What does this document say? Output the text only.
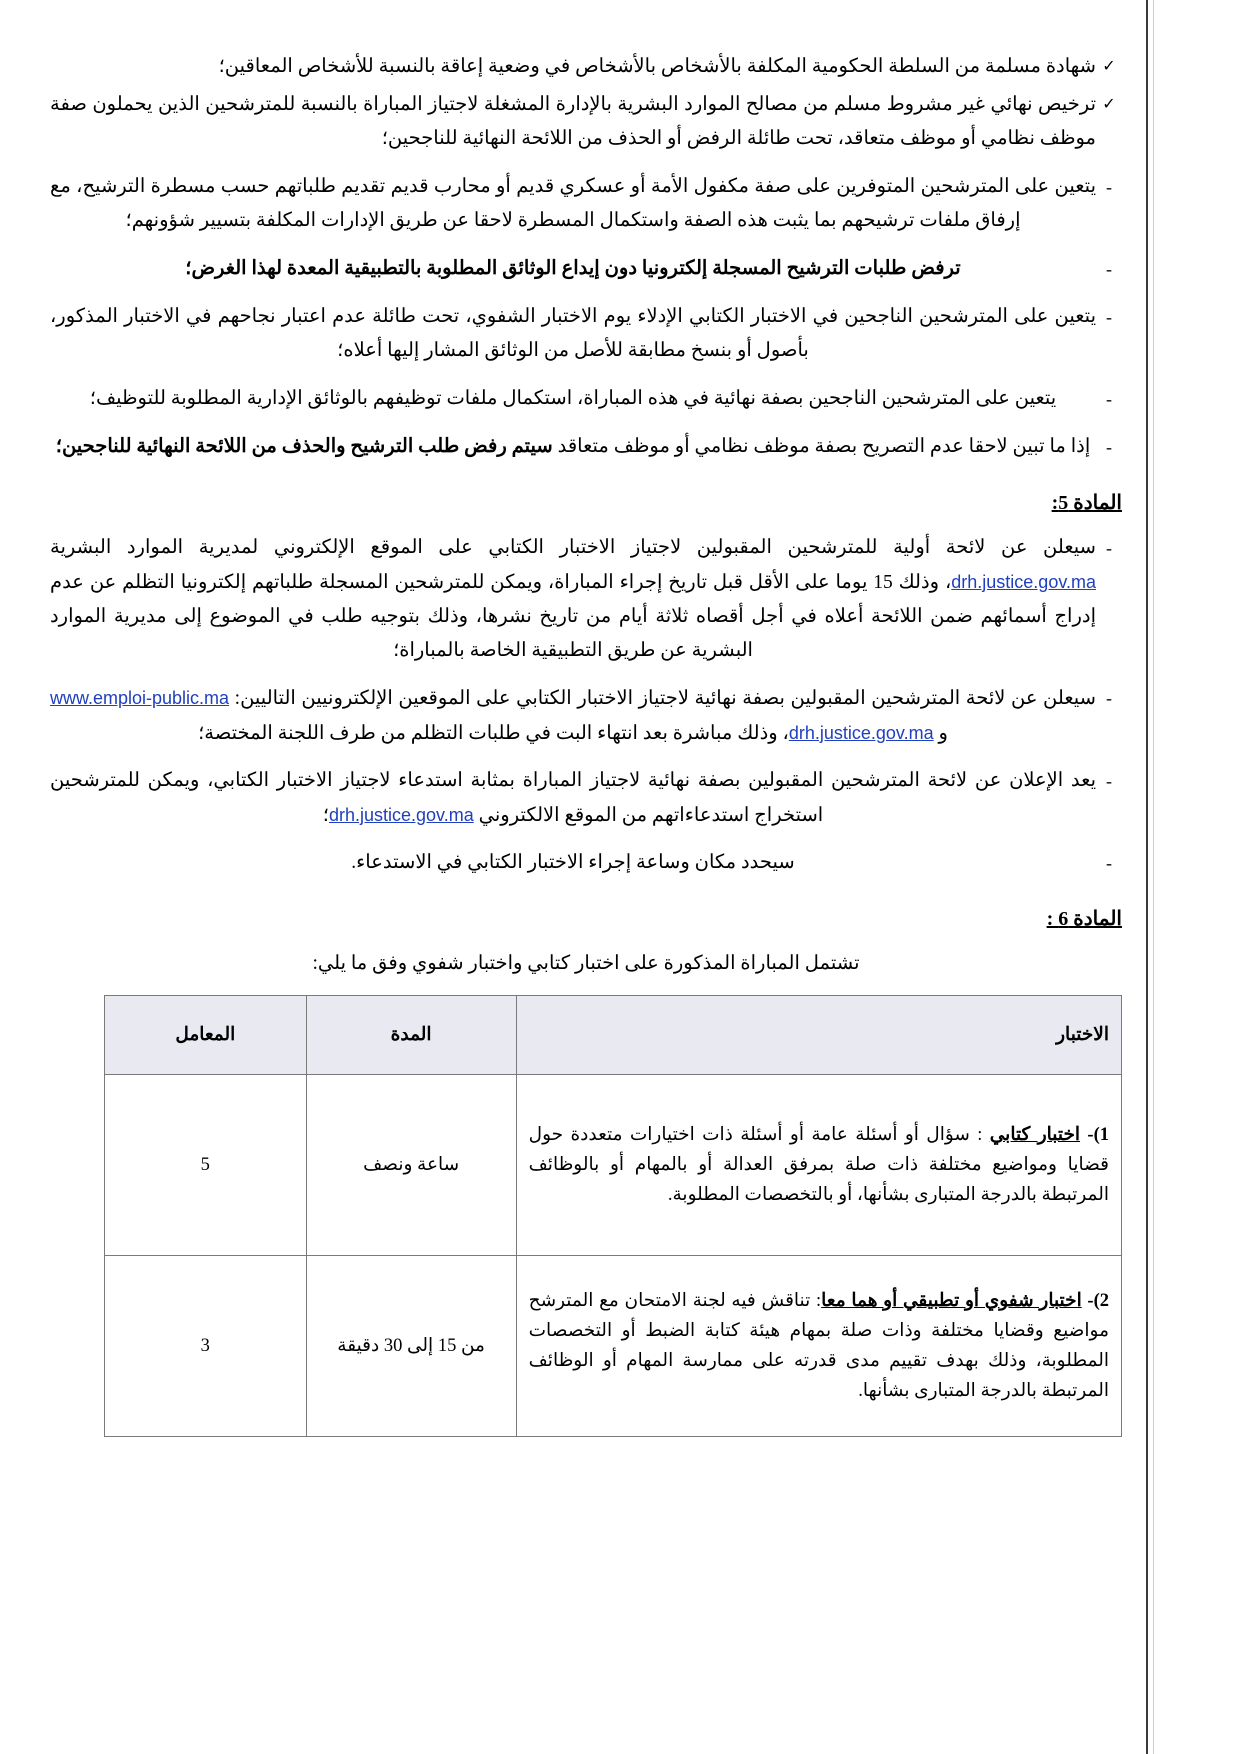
✓
شهادة مسلمة من السلطة الحكومية المكلفة بالأشخاص بالأشخاص في وضعية إعاقة بالنسبة للأشخاص المعاقين؛
✓
ترخيص نهائي غير مشروط مسلم من مصالح الموارد البشرية بالإدارة المشغلة لاجتياز المباراة بالنسبة للمترشحين الذين يحملون صفة موظف نظامي أو موظف متعاقد، تحت طائلة الرفض أو الحذف من اللائحة النهائية للناجحين؛
-
يتعين على المترشحين المتوفرين على صفة مكفول الأمة أو عسكري قديم أو محارب قديم تقديم طلباتهم حسب مسطرة الترشيح، مع إرفاق ملفات ترشيحهم بما يثبت هذه الصفة واستكمال المسطرة لاحقا عن طريق الإدارات المكلفة بتسيير شؤونهم؛
-
ترفض طلبات الترشيح المسجلة إلكترونيا دون إيداع الوثائق المطلوبة بالتطبيقية المعدة لهذا الغرض؛
-
يتعين على المترشحين الناجحين في الاختبار الكتابي الإدلاء يوم الاختبار الشفوي، تحت طائلة عدم اعتبار نجاحهم في الاختبار المذكور، بأصول أو بنسخ مطابقة للأصل من الوثائق المشار إليها أعلاه؛
-
يتعين على المترشحين الناجحين بصفة نهائية في هذه المباراة، استكمال ملفات توظيفهم بالوثائق الإدارية المطلوبة للتوظيف؛
-
إذا ما تبين لاحقا عدم التصريح بصفة موظف نظامي أو موظف متعاقد سيتم رفض طلب الترشيح والحذف من اللائحة النهائية للناجحين؛
المادة 5:
-
سيعلن عن لائحة أولية للمترشحين المقبولين لاجتياز الاختبار الكتابي على الموقع الإلكتروني لمديرية الموارد البشرية drh.justice.gov.ma، وذلك 15 يوما على الأقل قبل تاريخ إجراء المباراة، ويمكن للمترشحين المسجلة طلباتهم إلكترونيا التظلم عن عدم إدراج أسمائهم ضمن اللائحة أعلاه في أجل أقصاه ثلاثة أيام من تاريخ نشرها، وذلك بتوجيه طلب في الموضوع إلى مديرية الموارد البشرية عن طريق التطبيقية الخاصة بالمباراة؛
-
سيعلن عن لائحة المترشحين المقبولين بصفة نهائية لاجتياز الاختبار الكتابي على الموقعين الإلكترونيين التاليين: www.emploi-public.ma و drh.justice.gov.ma، وذلك مباشرة بعد انتهاء البت في طلبات التظلم من طرف اللجنة المختصة؛
-
يعد الإعلان عن لائحة المترشحين المقبولين بصفة نهائية لاجتياز المباراة بمثابة استدعاء لاجتياز الاختبار الكتابي، ويمكن للمترشحين استخراج استدعاءاتهم من الموقع الالكتروني drh.justice.gov.ma؛
-
سيحدد مكان وساعة إجراء الاختبار الكتابي في الاستدعاء.
المادة 6 :
تشتمل المباراة المذكورة على اختبار كتابي واختبار شفوي وفق ما يلي:
الاختبار	المدة	المعامل
1)- اختبار كتابي : سؤال أو أسئلة عامة أو أسئلة ذات اختيارات متعددة حول قضايا ومواضيع مختلفة ذات صلة بمرفق العدالة أو بالمهام أو بالوظائف المرتبطة بالدرجة المتبارى بشأنها، أو بالتخصصات المطلوبة.	ساعة ونصف	5
2)- اختبار شفوي أو تطبيقي أو هما معا: تناقش فيه لجنة الامتحان مع المترشح مواضيع وقضايا مختلفة وذات صلة بمهام هيئة كتابة الضبط أو التخصصات المطلوبة، وذلك بهدف تقييم مدى قدرته على ممارسة المهام أو الوظائف المرتبطة بالدرجة المتبارى بشأنها.	من 15 إلى 30 دقيقة	3
